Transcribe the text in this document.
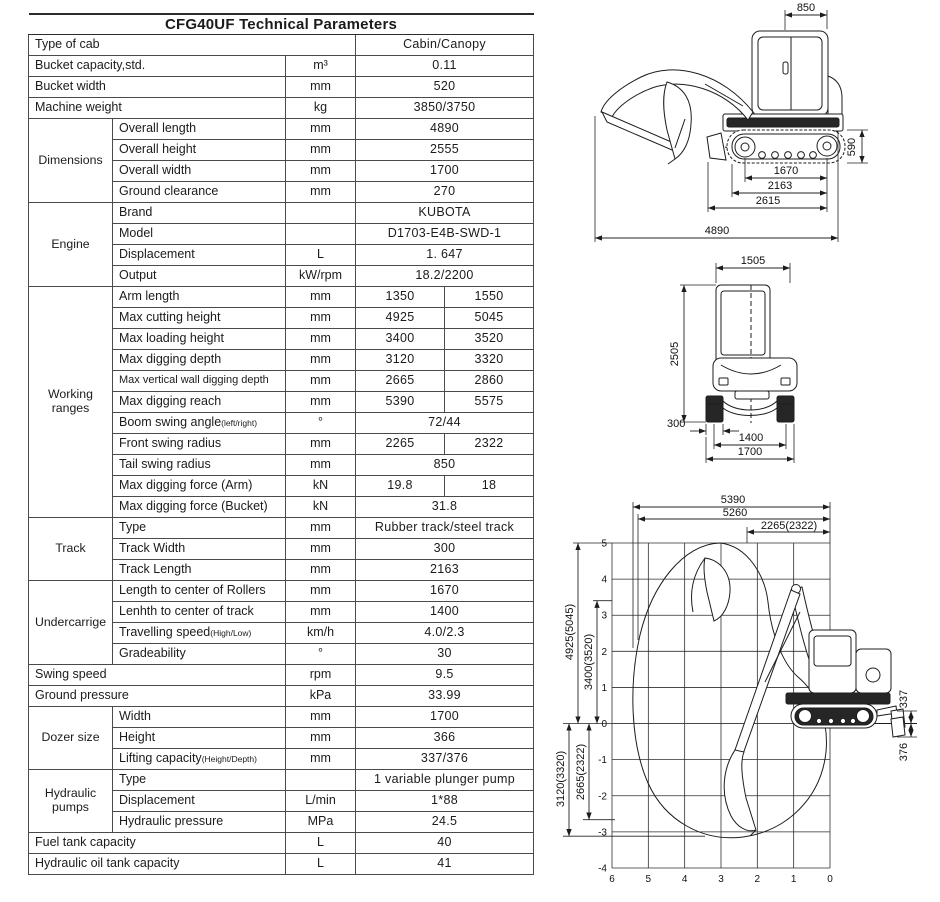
CFG40UF Technical Parameters				
Type of cab			Cabin/Canopy	
Bucket capacity,std.		m³	0.11	
Bucket width		mm	520	
Machine weight		kg	3850/3750	
Dimensions	Overall length	mm	4890	
	Overall height	mm	2555	
	Overall width	mm	1700	
	Ground clearance	mm	270	
Engine	Brand		KUBOTA	
	Model		D1703-E4B-SWD-1	
	Displacement	L	1. 647	
	Output	kW/rpm	18.2/2200	
Working ranges	Arm length	mm	1350	1550
	Max cutting height	mm	4925	5045
	Max loading height	mm	3400	3520
	Max digging depth	mm	3120	3320
	Max vertical wall digging depth	mm	2665	2860
	Max digging reach	mm	5390	5575
	Boom swing angle(left/right)	°	72/44	
	Front swing radius	mm	2265	2322
	Tail swing radius	mm	850	
	Max digging force (Arm)	kN	19.8	18
	Max digging force (Bucket)	kN	31.8	
Track	Type	mm	Rubber track/steel track	
	Track Width	mm	300	
	Track Length	mm	2163	
Undercarrige	Length to center of Rollers	mm	1670	
	Lenhth to center of track	mm	1400	
	Travelling speed(High/Low)	km/h	4.0/2.3	
	Gradeability	°	30	
Swing speed		rpm	9.5	
Ground pressure		kPa	33.99	
Dozer size	Width	mm	1700	
	Height	mm	366	
	Lifting capacity(Height/Depth)	mm	337/376	
Hydraulic pumps	Type		1 variable plunger pump	
	Displacement	L/min	1*88	
	Hydraulic pressure	MPa	24.5	
Fuel tank capacity		L	40	
Hydraulic oil tank capacity		L	41	
850
590
1670
2163
2615
4890
1505
2505
300
1400
1700
5
4
3
2
1
0
-1
-2
-3
-4
6	5	4	3	2	1	0
5390
5260
2265(2322)
4925(5045)
3400(3520)
3120(3320) 2665(2322)
337
376
